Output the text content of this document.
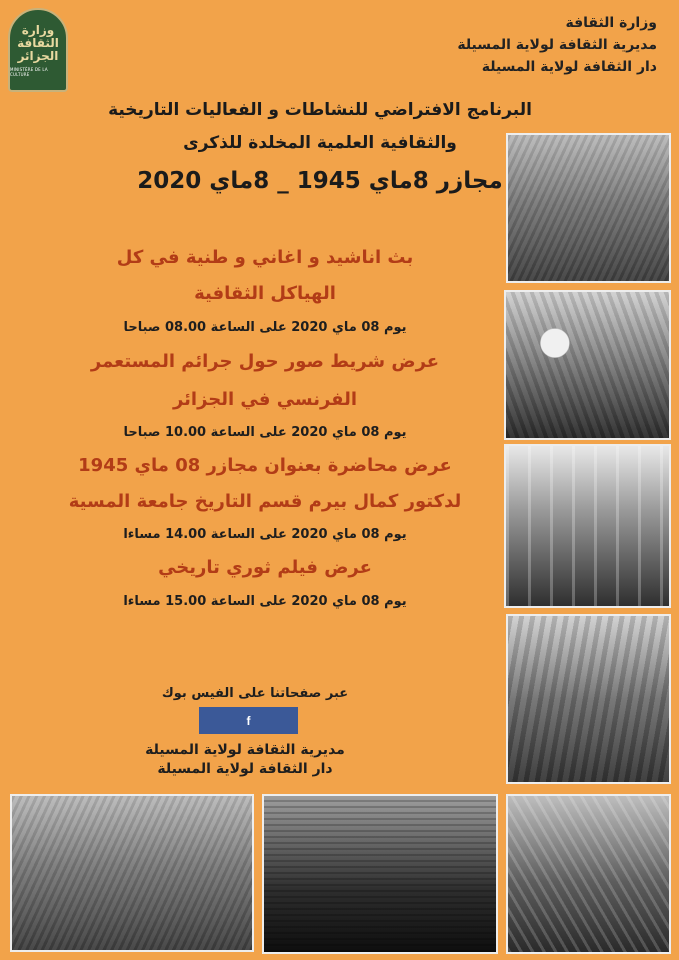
وزارة
الثقافة
الجزائر
MINISTÈRE DE LA CULTURE
وزارة الثقافة
مديرية الثقافة لولاية المسيلة
دار الثقافة لولاية المسيلة
البرنامج الافتراضي للنشاطات و الفعاليات التاريخية
والثقافية العلمية المخلدة للذكرى
مجازر 8ماي 1945 _ 8ماي 2020
بث اناشيد و اغاني و طنية في كل
الهياكل الثقافية
يوم 08 ماي 2020 على الساعة 08.00 صباحا
عرض شريط صور حول جرائم المستعمر
الفرنسي في الجزائر
يوم 08 ماي 2020 على الساعة 10.00 صباحا
عرض محاضرة بعنوان مجازر 08 ماي 1945
لدكتور كمال بيرم قسم التاريخ جامعة المسية
يوم 08 ماي 2020 على الساعة 14.00 مساءا
عرض فيلم ثوري تاريخي
يوم 08 ماي 2020 على الساعة 15.00 مساءا
عبر صفحاتنا على الفيس بوك
f
مديرية الثقافة لولاية المسيلة
دار الثقافة لولاية المسيلة
